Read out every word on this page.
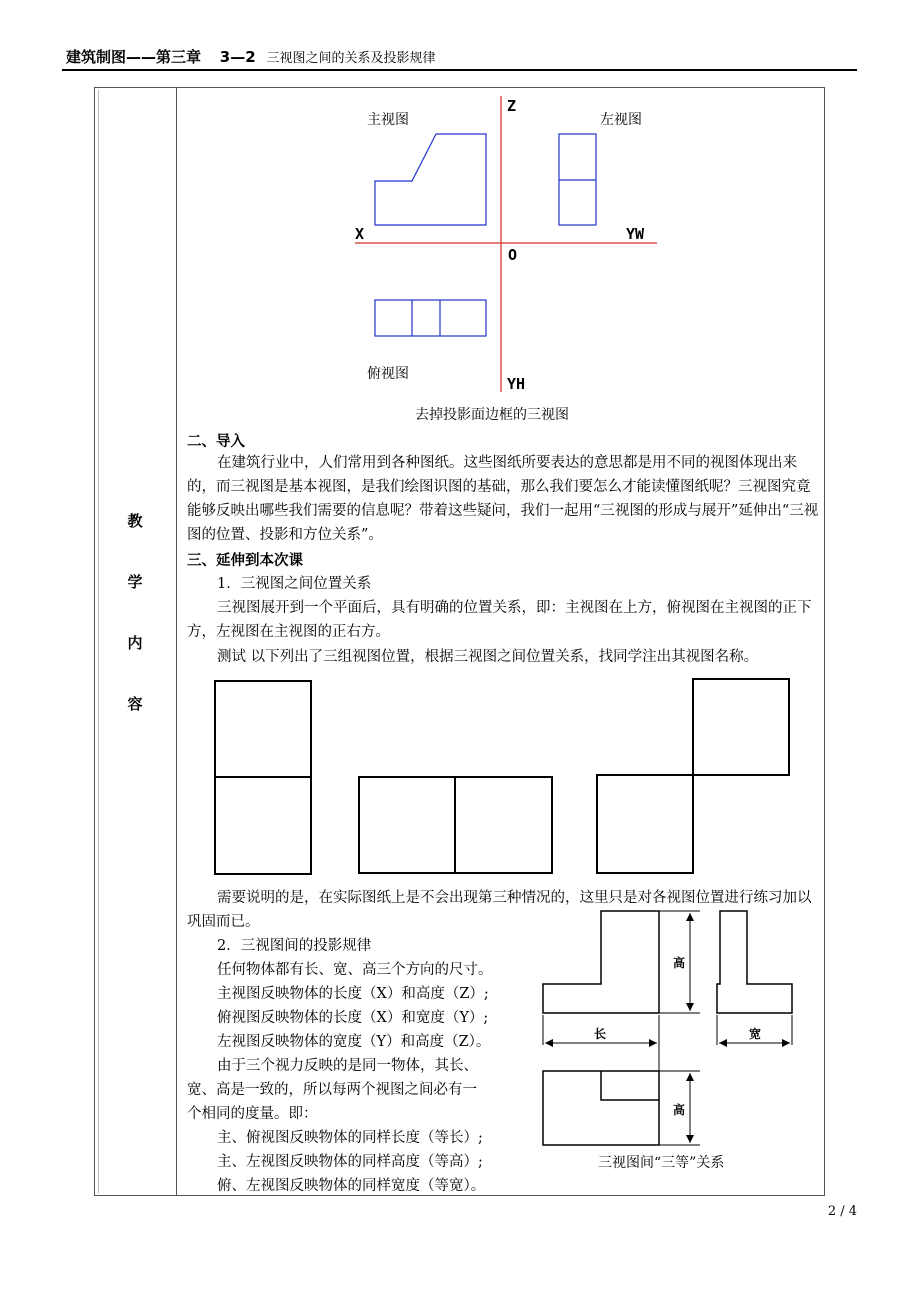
建筑制图——第三章 3—2 三视图之间的关系及投影规律
教
学
内
容
主视图	左视图
俯视图
Z
X	YW
O
YH
去掉投影面边框的三视图
二、导入
在建筑行业中，人们常用到各种图纸。这些图纸所要表达的意思都是用不同的视图体现出来的，而三视图是基本视图，是我们绘图识图的基础，那么我们要怎么才能读懂图纸呢？三视图究竟能够反映出哪些我们需要的信息呢？带着这些疑问，我们一起用“三视图的形成与展开”延伸出“三视图的位置、投影和方位关系”。
三、延伸到本次课
1．三视图之间位置关系
三视图展开到一个平面后，具有明确的位置关系，即：主视图在上方，俯视图在主视图的正下方，左视图在主视图的正右方。
测试 以下列出了三组视图位置，根据三视图之间位置关系，找同学注出其视图名称。
需要说明的是，在实际图纸上是不会出现第三种情况的，这里只是对各视图位置进行练习加以巩固而已。
2．三视图间的投影规律
任何物体都有长、宽、高三个方向的尺寸。
主视图反映物体的长度（X）和高度（Z）;
俯视图反映物体的长度（X）和宽度（Y）;
左视图反映物体的宽度（Y）和高度（Z）。
由于三个视力反映的是同一物体，其长、
宽、高是一致的，所以每两个视图之间必有一
个相同的度量。即：
主、俯视图反映物体的同样长度（等长）;
主、左视图反映物体的同样高度（等高）;
俯、左视图反映物体的同样宽度（等宽）。
高
长	宽
高
三视图间“三等”关系
2 / 4
